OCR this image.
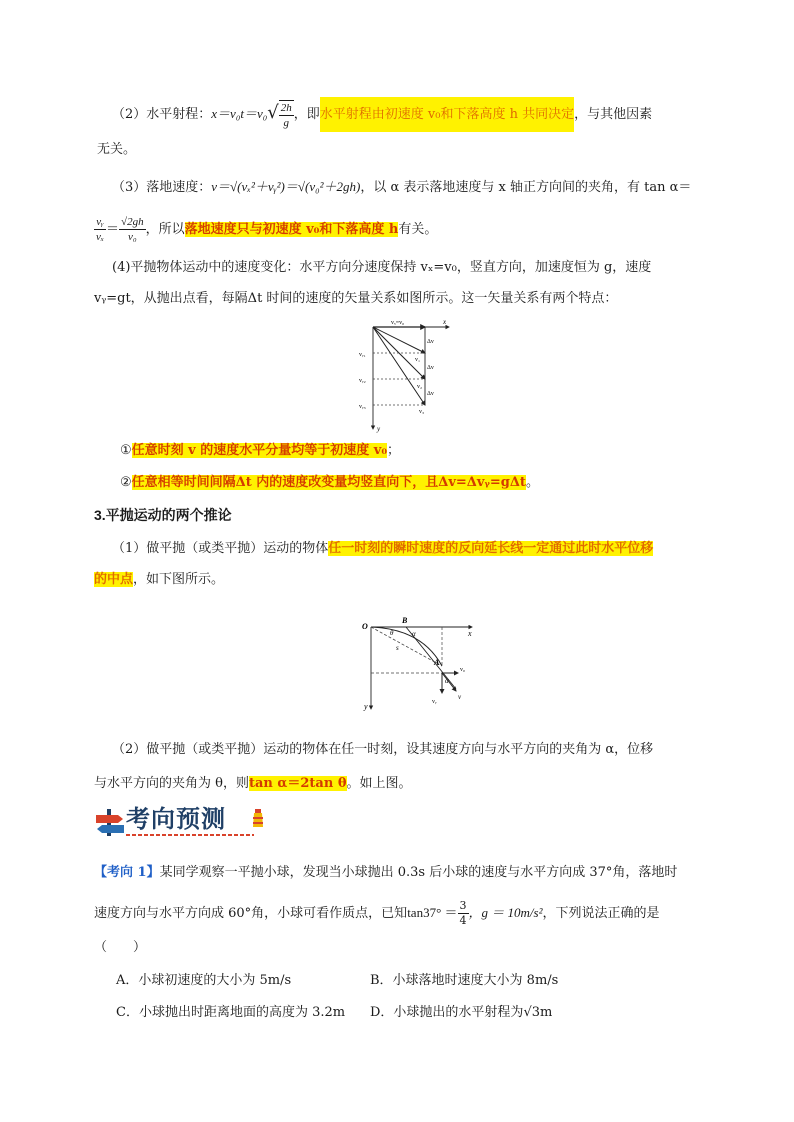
（2）水平射程：$x=v_0t=v_0√ \frac{2h}{g}$ ，即水平射程由初速度 v₀和下落高度 h 共同决定，与其他因素
无关。
（3）落地速度：v＝√(vₓ²＋vᵧ²)＝√(v₀²＋2gh)，以 α 表示落地速度与 x 轴正方向间的夹角，有 tan α＝
$\frac{\text{vᵧ}}{\text{vₓ}} = \frac{√2gh}{\text{v₀}}$ ，所以落地速度只与初速度 v₀和下落高度 h有关。
(4)平抛物体运动中的速度变化：水平方向分速度保持 vₓ=v₀，竖直方向，加速度恒为 g，速度
vᵧ=gt，从抛出点看，每隔Δt 时间的速度的矢量关系如图所示。这一矢量关系有两个特点：
vₓ=v₀	x
y
vᵧ₁
vᵧ₂
vᵧ₃
v₁
v₂
v₃
Δv
Δv
Δv
①任意时刻 v 的速度水平分量均等于初速度 v₀；
②任意相等时间间隔Δt 内的速度改变量均竖直向下，且Δv=Δvᵧ=gΔt。
3.平抛运动的两个推论
（1）做平抛（或类平抛）运动的物体任一时刻的瞬时速度的反向延长线一定通过此时水平位移
的中点，如下图所示。
O
B
x
y
θ	α
s
A
α
v₀
vᵧ
v
（2）做平抛（或类平抛）运动的物体在任一时刻，设其速度方向与水平方向的夹角为 α，位移
与水平方向的夹角为 θ，则tan α＝2tan θ。如上图。
考向预测
【考向 1】某同学观察一平抛小球，发现当小球抛出 0.3s 后小球的速度与水平方向成 37°角，落地时
速度方向与水平方向成 60°角，小球可看作质点，已知$\tan 37^\circ = \frac{3}{4}$ ，g ＝ 10m/s²，下列说法正确的是
（　　）
A．小球初速度的大小为 5m/s	B．小球落地时速度大小为 8m/s
C．小球抛出时距离地面的高度为 3.2m D．小球抛出的水平射程为√3m
